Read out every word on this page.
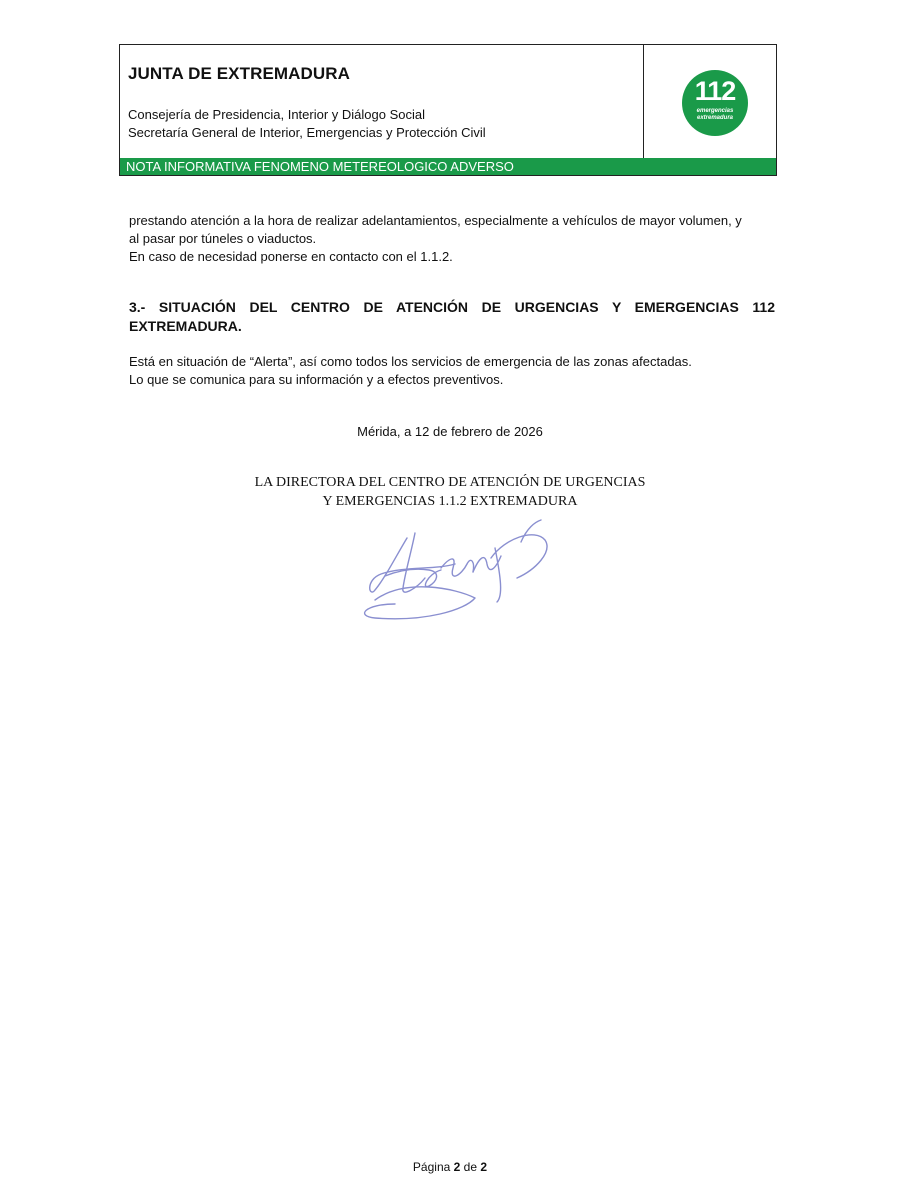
JUNTA DE EXTREMADURA
Consejería de Presidencia, Interior y Diálogo Social
Secretaría General de Interior, Emergencias y Protección Civil
112
emergencias
extremadura
NOTA INFORMATIVA FENOMENO METEREOLOGICO ADVERSO
prestando atención a la hora de realizar adelantamientos, especialmente a vehículos de mayor volumen, y
al pasar por túneles o viaductos.
En caso de necesidad ponerse en contacto con el 1.1.2.
3.- SITUACIÓN DEL CENTRO DE ATENCIÓN DE URGENCIAS Y EMERGENCIAS 112
EXTREMADURA.
Está en situación de “Alerta”, así como todos los servicios de emergencia de las zonas afectadas.
Lo que se comunica para su información y a efectos preventivos.
Mérida, a 12 de febrero de 2026
LA DIRECTORA DEL CENTRO DE ATENCIÓN DE URGENCIAS
Y EMERGENCIAS 1.1.2 EXTREMADURA
Página 2 de 2
